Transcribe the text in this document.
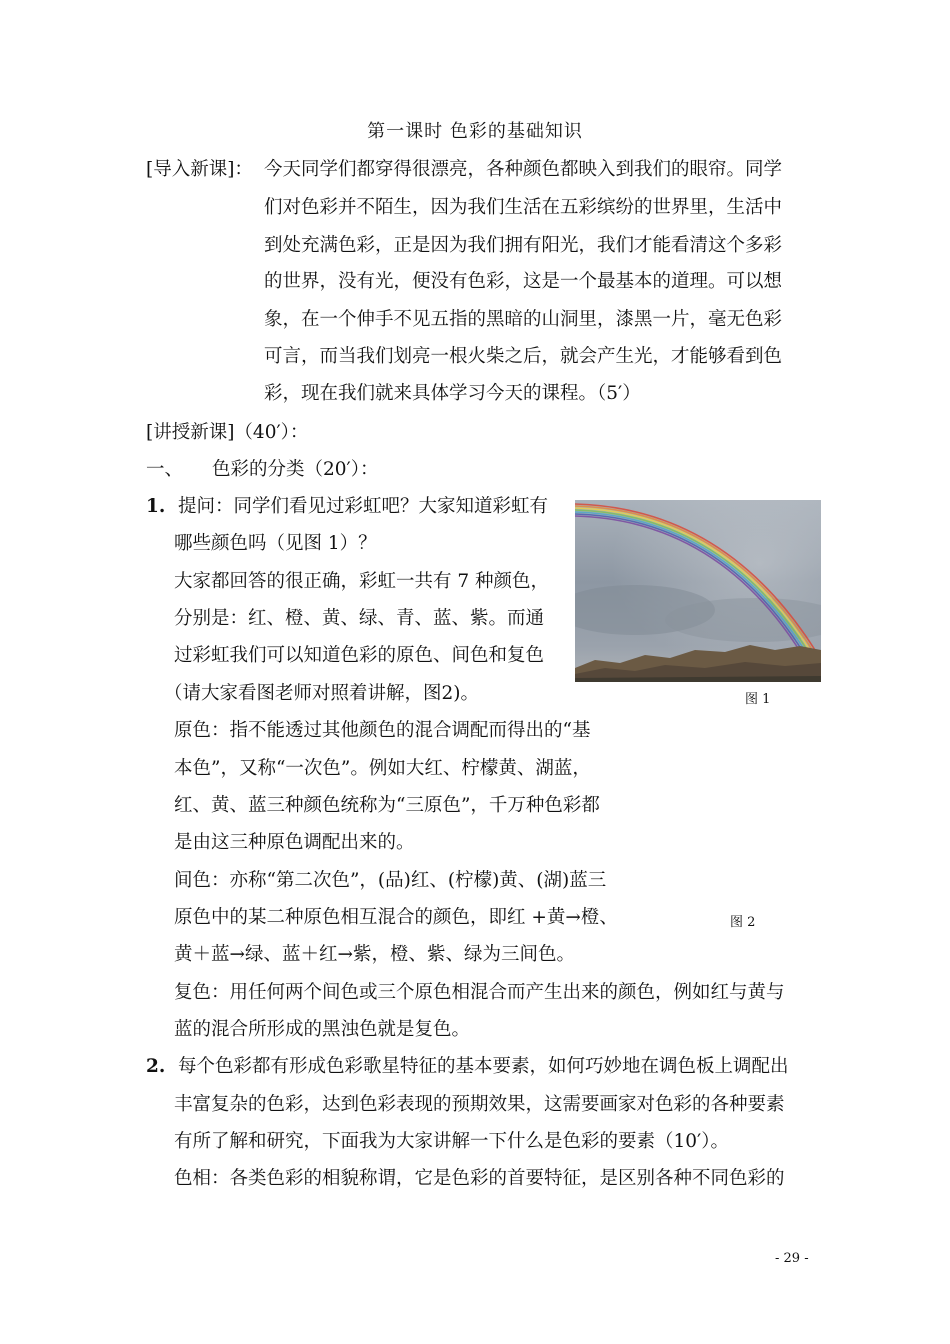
第一课时 色彩的基础知识
[导入新课]： 今天同学们都穿得很漂亮，各种颜色都映入到我们的眼帘。同学
们对色彩并不陌生，因为我们生活在五彩缤纷的世界里，生活中
到处充满色彩，正是因为我们拥有阳光，我们才能看清这个多彩
的世界，没有光，便没有色彩，这是一个最基本的道理。可以想
象，在一个伸手不见五指的黑暗的山洞里，漆黑一片，毫无色彩
可言，而当我们划亮一根火柴之后，就会产生光，才能够看到色
彩，现在我们就来具体学习今天的课程。（5′）
[讲授新课]（40′）：
一、 色彩的分类（20′）：
1. 提问：同学们看见过彩虹吧？大家知道彩虹有
哪些颜色吗（见图 1）？
大家都回答的很正确，彩虹一共有 7 种颜色，
分别是：红、橙、黄、绿、青、蓝、紫。而通
过彩虹我们可以知道色彩的原色、间色和复色
（请大家看图老师对照着讲解，图2)。
原色：指不能透过其他颜色的混合调配而得出的“基
本色”，又称“一次色”。例如大红、柠檬黄、湖蓝，
红、黄、蓝三种颜色统称为“三原色”，千万种色彩都
是由这三种原色调配出来的。
间色：亦称“第二次色”，(品)红、(柠檬)黄、(湖)蓝三
原色中的某二种原色相互混合的颜色，即红 +黄→橙、
黄＋蓝→绿、蓝＋红→紫，橙、紫、绿为三间色。
复色：用任何两个间色或三个原色相混合而产生出来的颜色，例如红与黄与
蓝的混合所形成的黑浊色就是复色。
2. 每个色彩都有形成色彩歌星特征的基本要素，如何巧妙地在调色板上调配出
丰富复杂的色彩，达到色彩表现的预期效果，这需要画家对色彩的各种要素
有所了解和研究，下面我为大家讲解一下什么是色彩的要素（10′）。
色相：各类色彩的相貌称谓，它是色彩的首要特征，是区别各种不同色彩的
图 1
图 2
- 29 -
